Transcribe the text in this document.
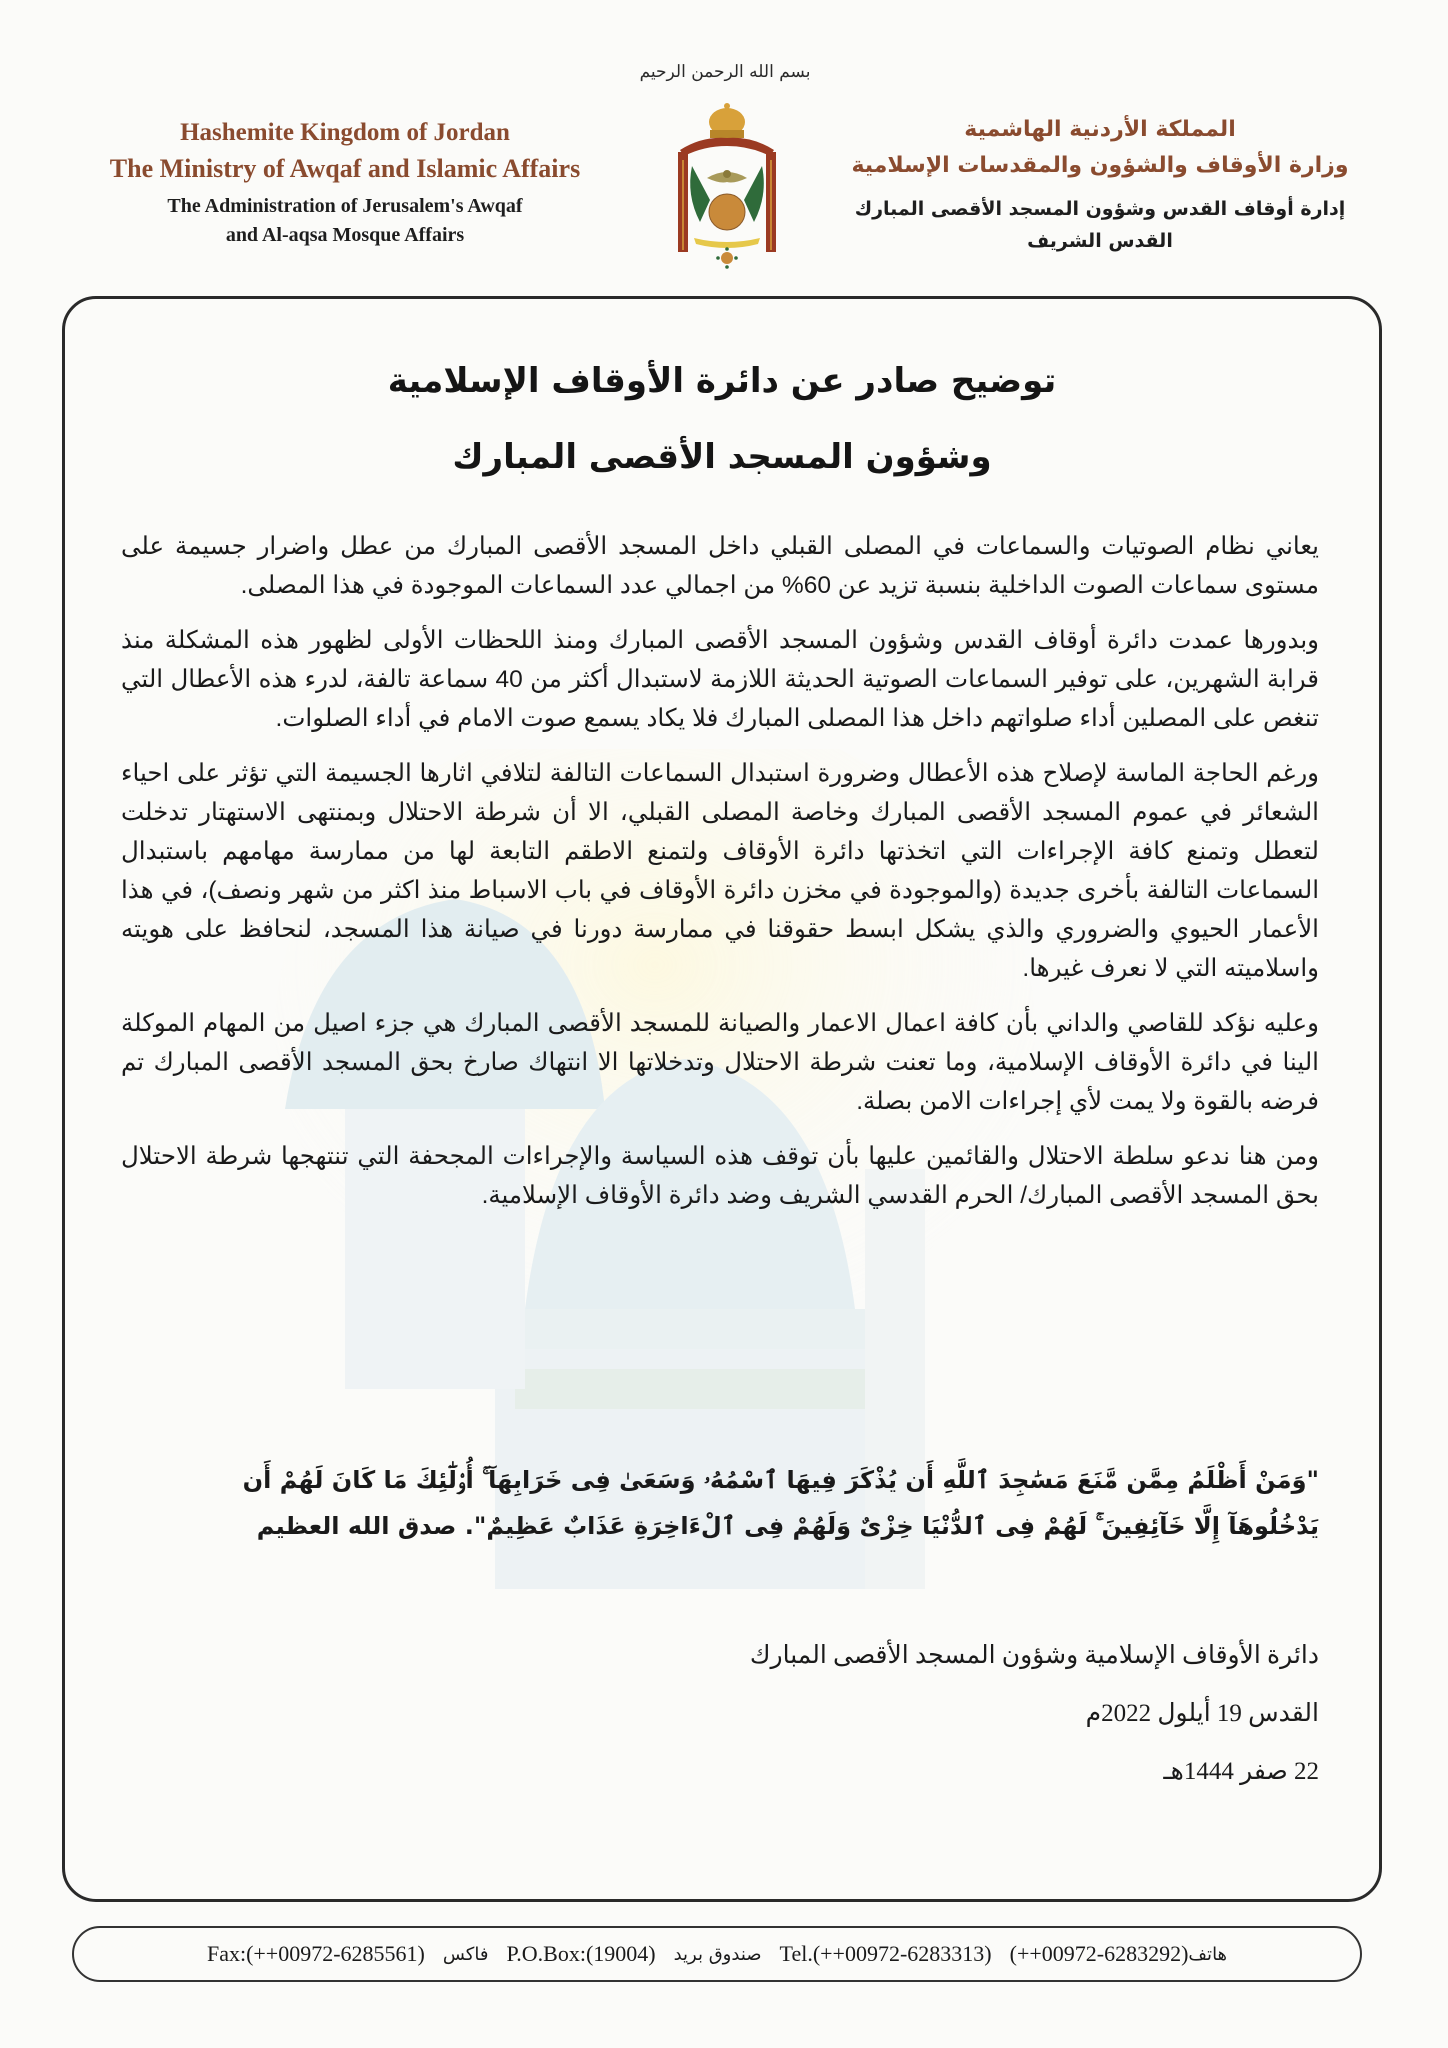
بسم الله الرحمن الرحيم
Hashemite Kingdom of Jordan
The Ministry of Awqaf and Islamic Affairs
The Administration of Jerusalem's Awqaf
and Al-aqsa Mosque Affairs
المملكة الأردنية الهاشمية
وزارة الأوقاف والشؤون والمقدسات الإسلامية
إدارة أوقاف القدس وشؤون المسجد الأقصى المبارك
القدس الشريف
توضيح صادر عن دائرة الأوقاف الإسلامية
وشؤون المسجد الأقصى المبارك

يعاني نظام الصوتيات والسماعات في المصلى القبلي داخل المسجد الأقصى المبارك من عطل واضرار جسيمة على مستوى سماعات الصوت الداخلية بنسبة تزيد عن 60% من اجمالي عدد السماعات الموجودة في هذا المصلى.

وبدورها عمدت دائرة أوقاف القدس وشؤون المسجد الأقصى المبارك ومنذ اللحظات الأولى لظهور هذه المشكلة منذ قرابة الشهرين، على توفير السماعات الصوتية الحديثة اللازمة لاستبدال أكثر من 40 سماعة تالفة، لدرء هذه الأعطال التي تنغص على المصلين أداء صلواتهم داخل هذا المصلى المبارك فلا يكاد يسمع صوت الامام في أداء الصلوات.

ورغم الحاجة الماسة لإصلاح هذه الأعطال وضرورة استبدال السماعات التالفة لتلافي اثارها الجسيمة التي تؤثر على احياء الشعائر في عموم المسجد الأقصى المبارك وخاصة المصلى القبلي، الا أن شرطة الاحتلال وبمنتهى الاستهتار تدخلت لتعطل وتمنع كافة الإجراءات التي اتخذتها دائرة الأوقاف ولتمنع الاطقم التابعة لها من ممارسة مهامهم باستبدال السماعات التالفة بأخرى جديدة (والموجودة في مخزن دائرة الأوقاف في باب الاسباط منذ اكثر من شهر ونصف)، في هذا الأعمار الحيوي والضروري والذي يشكل ابسط حقوقنا في ممارسة دورنا في صيانة هذا المسجد، لنحافظ على هويته واسلاميته التي لا نعرف غيرها.

وعليه نؤكد للقاصي والداني بأن كافة اعمال الاعمار والصيانة للمسجد الأقصى المبارك هي جزء اصيل من المهام الموكلة الينا في دائرة الأوقاف الإسلامية، وما تعنت شرطة الاحتلال وتدخلاتها الا انتهاك صارخ بحق المسجد الأقصى المبارك تم فرضه بالقوة ولا يمت لأي إجراءات الامن بصلة.

ومن هنا ندعو سلطة الاحتلال والقائمين عليها بأن توقف هذه السياسة والإجراءات المجحفة التي تنتهجها شرطة الاحتلال بحق المسجد الأقصى المبارك/ الحرم القدسي الشريف وضد دائرة الأوقاف الإسلامية.

"وَمَنْ أَظْلَمُ مِمَّن مَّنَعَ مَسَٰجِدَ ٱللَّهِ أَن يُذْكَرَ فِيهَا ٱسْمُهُۥ وَسَعَىٰ فِى خَرَابِهَآ ۚ أُو۟لَٰٓئِكَ مَا كَانَ لَهُمْ أَن يَدْخُلُوهَآ إِلَّا خَآئِفِينَ ۚ لَهُمْ فِى ٱلدُّنْيَا خِزْىٌ وَلَهُمْ فِى ٱلْءَاخِرَةِ عَذَابٌ عَظِيمٌ". صدق الله العظيم
دائرة الأوقاف الإسلامية وشؤون المسجد الأقصى المبارك
القدس 19 أيلول 2022م
22 صفر 1444هـ
Fax:(++00972-6285561) فاكس P.O.Box:(19004) صندوق بريد Tel. (++00972-6283313) (++00972-6283292) هاتف
